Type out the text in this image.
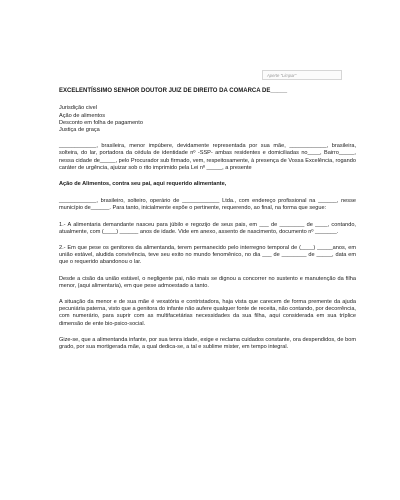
Aperte "Limpar"
EXCELENTÍSSIMO SENHOR DOUTOR JUIZ DE DIREITO DA COMARCA DE_____
Jurisdição civel
Ação de alimentos
Desconto em folha de pagamento
Justiça de graça

____________, brasileira, menor impúbere, devidamente representada por sua mãe, ____________, brasileira, solteira, do lar, portadora da cédula de identidade nº -SSP- ambas residentes e domiciliadas no____, Bairro_____, nessa cidade de_____, pelo Procurador sub firmado, vem, respeitosamente, à presença de Vossa Excelência, rogando caráter de urgência, ajuizar sob o rito imprimido pela Lei nº _____, a presente

Ação de Alimentos, contra seu pai, aqui requerido alimentante,

____________, brasileiro, solteiro, operário de ____________ Ltda., com endereço profissional na ______, nesse município de______. Para tanto, inicialmente expõe o pertinente, requerendo, ao final, na forma que segue:

1.- A alimentaria demandante nasceu para júbilo e regozijo de seus pais, em ___ de ________ de ____, contando, atualmente, com (____) ______ anos de idade. Vide em anexo, assento de nascimento, documento nº _______.

2.- Em que pese os genitores da alimentanda, terem permanecido pelo interregno temporal de (____) _____anos, em união estável, aludida convivência, teve seu exito no mundo fenomênico, no dia ___ de ________ de _____, data em que o requerido abandonou o lar.

Desde a cisão da união estável, o negligente pai, não mais se dignou a concorrer no sustento e manutenção da filha menor, (aqui alimentaria), em que pese admoestado a tanto.

A situação da menor e de sua mãe é vexatória e contristadora, haja vista que carecem de forma premente da ajuda pecuniária paterna, visto que a genitora do infante não aufere qualquer fonte de receita, não contando, por decorrência, com numerário, para suprir com as multifacetárias necessidades da sua filha, aqui considerada em sua tríplice dimensão de ente bio-psico-social.

Gize-se, que a alimentanda infante, por sua tenra idade, exige e reclama cuidados constante, ora despendidos, de bom grado, por sua mortigerada mãe, a qual dedica-se, a tal e sublime mister, em tempo integral.
